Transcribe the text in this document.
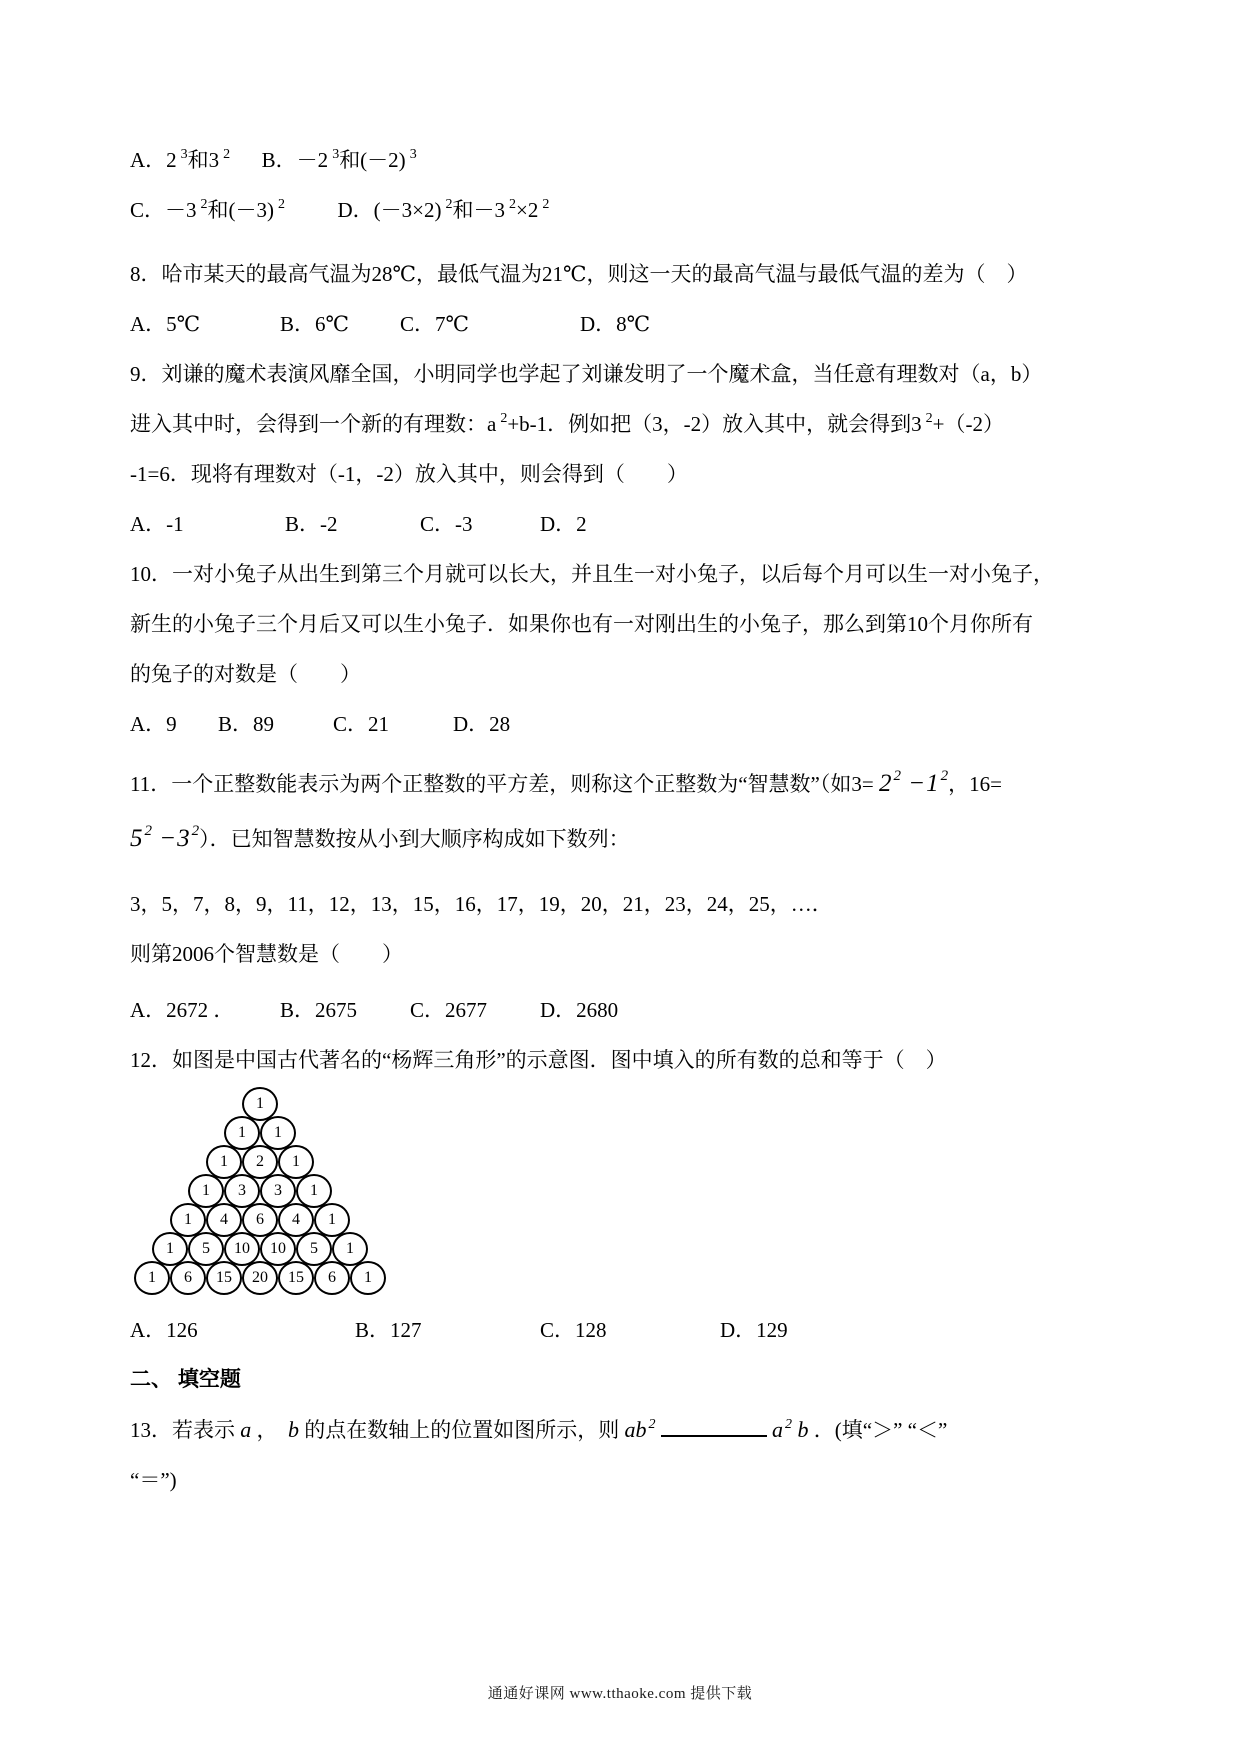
A．2 $^3$和3 $^2$      B．－2 $^3$和(－2) $^3$
C．－3 $^2$和(－3) $^2$          D．(－3×2) $^2$和－3 $^2$×2 $^2$
8．哈市某天的最高气温为28℃，最低气温为21℃，则这一天的最高气温与最低气温的差为（　）
A．5℃	B．6℃ C．7℃	D．8℃
9．刘谦的魔术表演风靡全国，小明同学也学起了刘谦发明了一个魔术盒，当任意有理数对（a，b）
进入其中时，会得到一个新的有理数：a $^2$+b-1．例如把（3，-2）放入其中，就会得到3 $^2$+（-2）
-1=6．现将有理数对（-1，-2）放入其中，则会得到（　　）
A．-1	B．-2	C．-3	D．2
10．一对小兔子从出生到第三个月就可以长大，并且生一对小兔子，以后每个月可以生一对小兔子，
新生的小兔子三个月后又可以生小兔子．如果你也有一对刚出生的小兔子，那么到第10个月你所有
的兔子的对数是（　　）
A．9 B．89	C．21	D．28
11．一个正整数能表示为两个正整数的平方差，则称这个正整数为“智慧数”（如$3= 2^2 -1^2$，16=
$5^2 -3^2$）．已知智慧数按从小到大顺序构成如下数列：
3，5，7，8，9，11，12，13，15，16，17，19，20，21，23，24，25，…．
则第2006个智慧数是（　　）
A．2672 ． B．2675	C．2677	D．2680
12．如图是中国古代著名的“杨辉三角形”的示意图．图中填入的所有数的总和等于（　）
1
1	1
1	2	1
1	3	3	1
1	4	6	4	1
1	5	10	10	5	1
1	6	15	20	15	6	1
A．126	B．127	C．128	D．129
二、 填空题
13．若表示 a ，  b 的点在数轴上的位置如图所示，则 ab $^2$	a $^2$ b ．(填“＞” “＜”
“＝”)
通通好课网 www.tthaoke.com 提供下载
